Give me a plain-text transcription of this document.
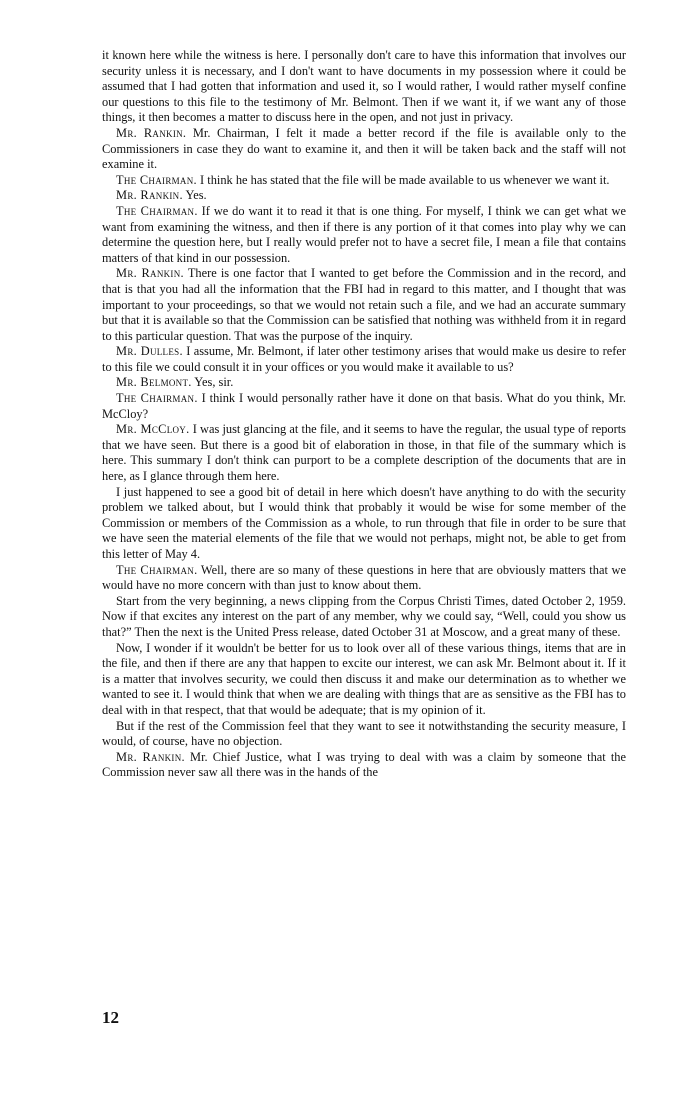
it known here while the witness is here. I personally don't care to have this information that involves our security unless it is necessary, and I don't want to have documents in my possession where it could be assumed that I had gotten that information and used it, so I would rather, I would rather myself confine our questions to this file to the testimony of Mr. Belmont. Then if we want it, if we want any of those things, it then becomes a matter to discuss here in the open, and not just in privacy.

Mr. Rankin. Mr. Chairman, I felt it made a better record if the file is available only to the Commissioners in case they do want to examine it, and then it will be taken back and the staff will not examine it.

The Chairman. I think he has stated that the file will be made available to us whenever we want it.

Mr. Rankin. Yes.

The Chairman. If we do want it to read it that is one thing. For myself, I think we can get what we want from examining the witness, and then if there is any portion of it that comes into play why we can determine the question here, but I really would prefer not to have a secret file, I mean a file that contains matters of that kind in our possession.

Mr. Rankin. There is one factor that I wanted to get before the Commission and in the record, and that is that you had all the information that the FBI had in regard to this matter, and I thought that was important to your proceedings, so that we would not retain such a file, and we had an accurate summary but that it is available so that the Commission can be satisfied that nothing was withheld from it in regard to this particular question. That was the purpose of the inquiry.

Mr. Dulles. I assume, Mr. Belmont, if later other testimony arises that would make us desire to refer to this file we could consult it in your offices or you would make it available to us?

Mr. Belmont. Yes, sir.

The Chairman. I think I would personally rather have it done on that basis. What do you think, Mr. McCloy?

Mr. McCloy. I was just glancing at the file, and it seems to have the regular, the usual type of reports that we have seen. But there is a good bit of elaboration in those, in that file of the summary which is here. This summary I don't think can purport to be a complete description of the documents that are in here, as I glance through them here.

I just happened to see a good bit of detail in here which doesn't have anything to do with the security problem we talked about, but I would think that probably it would be wise for some member of the Commission or members of the Commission as a whole, to run through that file in order to be sure that we have seen the material elements of the file that we would not perhaps, might not, be able to get from this letter of May 4.

The Chairman. Well, there are so many of these questions in here that are obviously matters that we would have no more concern with than just to know about them.

Start from the very beginning, a news clipping from the Corpus Christi Times, dated October 2, 1959. Now if that excites any interest on the part of any member, why we could say, “Well, could you show us that?” Then the next is the United Press release, dated October 31 at Moscow, and a great many of these.

Now, I wonder if it wouldn't be better for us to look over all of these various things, items that are in the file, and then if there are any that happen to excite our interest, we can ask Mr. Belmont about it. If it is a matter that involves security, we could then discuss it and make our determination as to whether we wanted to see it. I would think that when we are dealing with things that are as sensitive as the FBI has to deal with in that respect, that that would be adequate; that is my opinion of it.

But if the rest of the Commission feel that they want to see it notwithstanding the security measure, I would, of course, have no objection.

Mr. Rankin. Mr. Chief Justice, what I was trying to deal with was a claim by someone that the Commission never saw all there was in the hands of the

12
